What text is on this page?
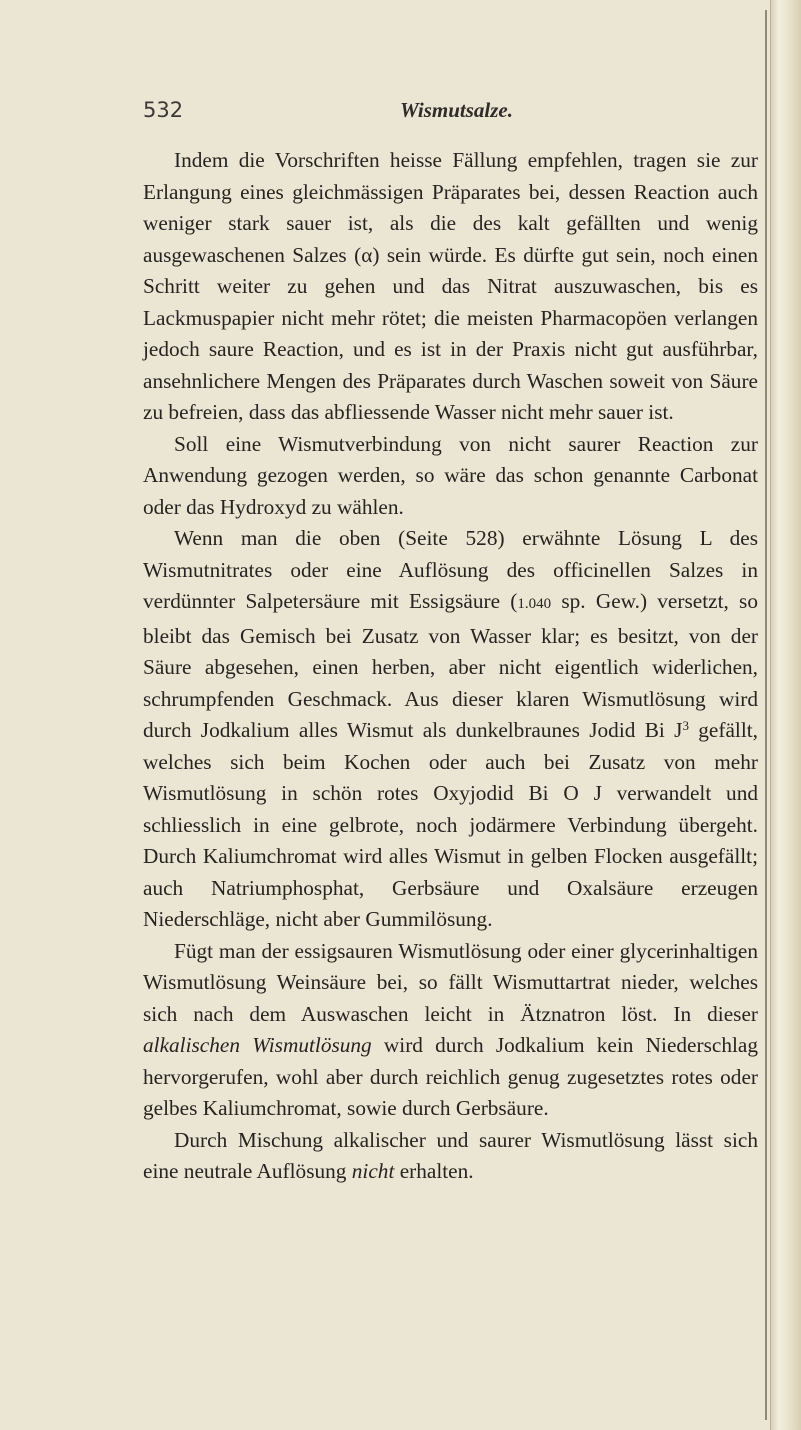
532	Wismutsalze.

Indem die Vorschriften heisse Fällung empfehlen, tragen sie zur Erlangung eines gleichmässigen Präparates bei, dessen Reaction auch weniger stark sauer ist, als die des kalt gefällten und wenig ausgewaschenen Salzes (α) sein würde. Es dürfte gut sein, noch einen Schritt weiter zu gehen und das Nitrat auszuwaschen, bis es Lackmuspapier nicht mehr rötet; die meisten Pharmacopöen verlangen jedoch saure Reaction, und es ist in der Praxis nicht gut ausführbar, ansehnlichere Mengen des Präparates durch Waschen soweit von Säure zu befreien, dass das abfliessende Wasser nicht mehr sauer ist.

Soll eine Wismutverbindung von nicht saurer Reaction zur Anwendung gezogen werden, so wäre das schon genannte Carbonat oder das Hydroxyd zu wählen.

Wenn man die oben (Seite 528) erwähnte Lösung L des Wismutnitrates oder eine Auflösung des officinellen Salzes in verdünnter Salpetersäure mit Essigsäure (1.040 sp. Gew.) versetzt, so bleibt das Gemisch bei Zusatz von Wasser klar; es besitzt, von der Säure abgesehen, einen herben, aber nicht eigentlich widerlichen, schrumpfenden Geschmack. Aus dieser klaren Wismutlösung wird durch Jodkalium alles Wismut als dunkelbraunes Jodid Bi $J^3$ gefällt, welches sich beim Kochen oder auch bei Zusatz von mehr Wismutlösung in schön rotes Oxyjodid Bi O J verwandelt und schliesslich in eine gelbrote, noch jodärmere Verbindung übergeht. Durch Kaliumchromat wird alles Wismut in gelben Flocken ausgefällt; auch Natriumphosphat, Gerbsäure und Oxalsäure erzeugen Niederschläge, nicht aber Gummilösung.

Fügt man der essigsauren Wismutlösung oder einer glycerinhaltigen Wismutlösung Weinsäure bei, so fällt Wismuttartrat nieder, welches sich nach dem Auswaschen leicht in Ätznatron löst. In dieser alkalischen Wismutlösung wird durch Jodkalium kein Niederschlag hervorgerufen, wohl aber durch reichlich genug zugesetztes rotes oder gelbes Kaliumchromat, sowie durch Gerbsäure.

Durch Mischung alkalischer und saurer Wismutlösung lässt sich eine neutrale Auflösung nicht erhalten.
